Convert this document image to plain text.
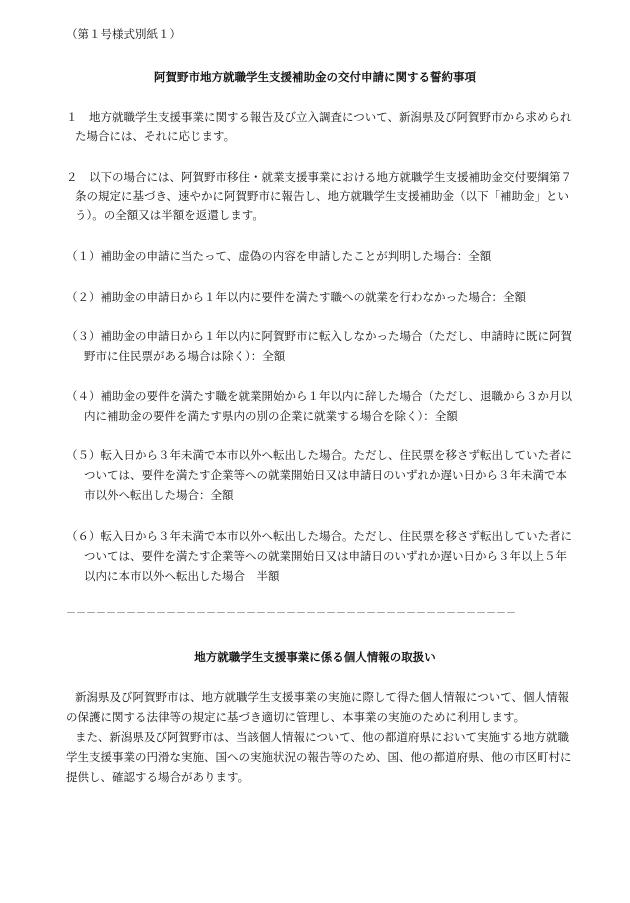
（第１号様式別紙１）
阿賀野市地方就職学生支援補助金の交付申請に関する誓約事項
１　地方就職学生支援事業に関する報告及び立入調査について、新潟県及び阿賀野市から求められ
た場合には、それに応じます。
２　以下の場合には、阿賀野市移住・就業支援事業における地方就職学生支援補助金交付要綱第７
条の規定に基づき、速やかに阿賀野市に報告し、地方就職学生支援補助金（以下「補助金」とい
う）。の全額又は半額を返還します。
（１）補助金の申請に当たって、虚偽の内容を申請したことが判明した場合：全額
（２）補助金の申請日から１年以内に要件を満たす職への就業を行わなかった場合：全額
（３）補助金の申請日から１年以内に阿賀野市に転入しなかった場合（ただし、申請時に既に阿賀
野市に住民票がある場合は除く）：全額
（４）補助金の要件を満たす職を就業開始から１年以内に辞した場合（ただし、退職から３か月以
内に補助金の要件を満たす県内の別の企業に就業する場合を除く）：全額
（５）転入日から３年未満で本市以外へ転出した場合。ただし、住民票を移さず転出していた者に
ついては、要件を満たす企業等への就業開始日又は申請日のいずれか遅い日から３年未満で本
市以外へ転出した場合：全額
（６）転入日から３年未満で本市以外へ転出した場合。ただし、住民票を移さず転出していた者に
ついては、要件を満たす企業等への就業開始日又は申請日のいずれか遅い日から３年以上５年
以内に本市以外へ転出した場合　半額
－－－－－－－－－－－－－－－－－－－－－－－－－－－－－－－－－－－－－－－－－－－－－
地方就職学生支援事業に係る個人情報の取扱い
新潟県及び阿賀野市は、地方就職学生支援事業の実施に際して得た個人情報について、個人情報
の保護に関する法律等の規定に基づき適切に管理し、本事業の実施のために利用します。
また、新潟県及び阿賀野市は、当該個人情報について、他の都道府県において実施する地方就職
学生支援事業の円滑な実施、国への実施状況の報告等のため、国、他の都道府県、他の市区町村に
提供し、確認する場合があります。
